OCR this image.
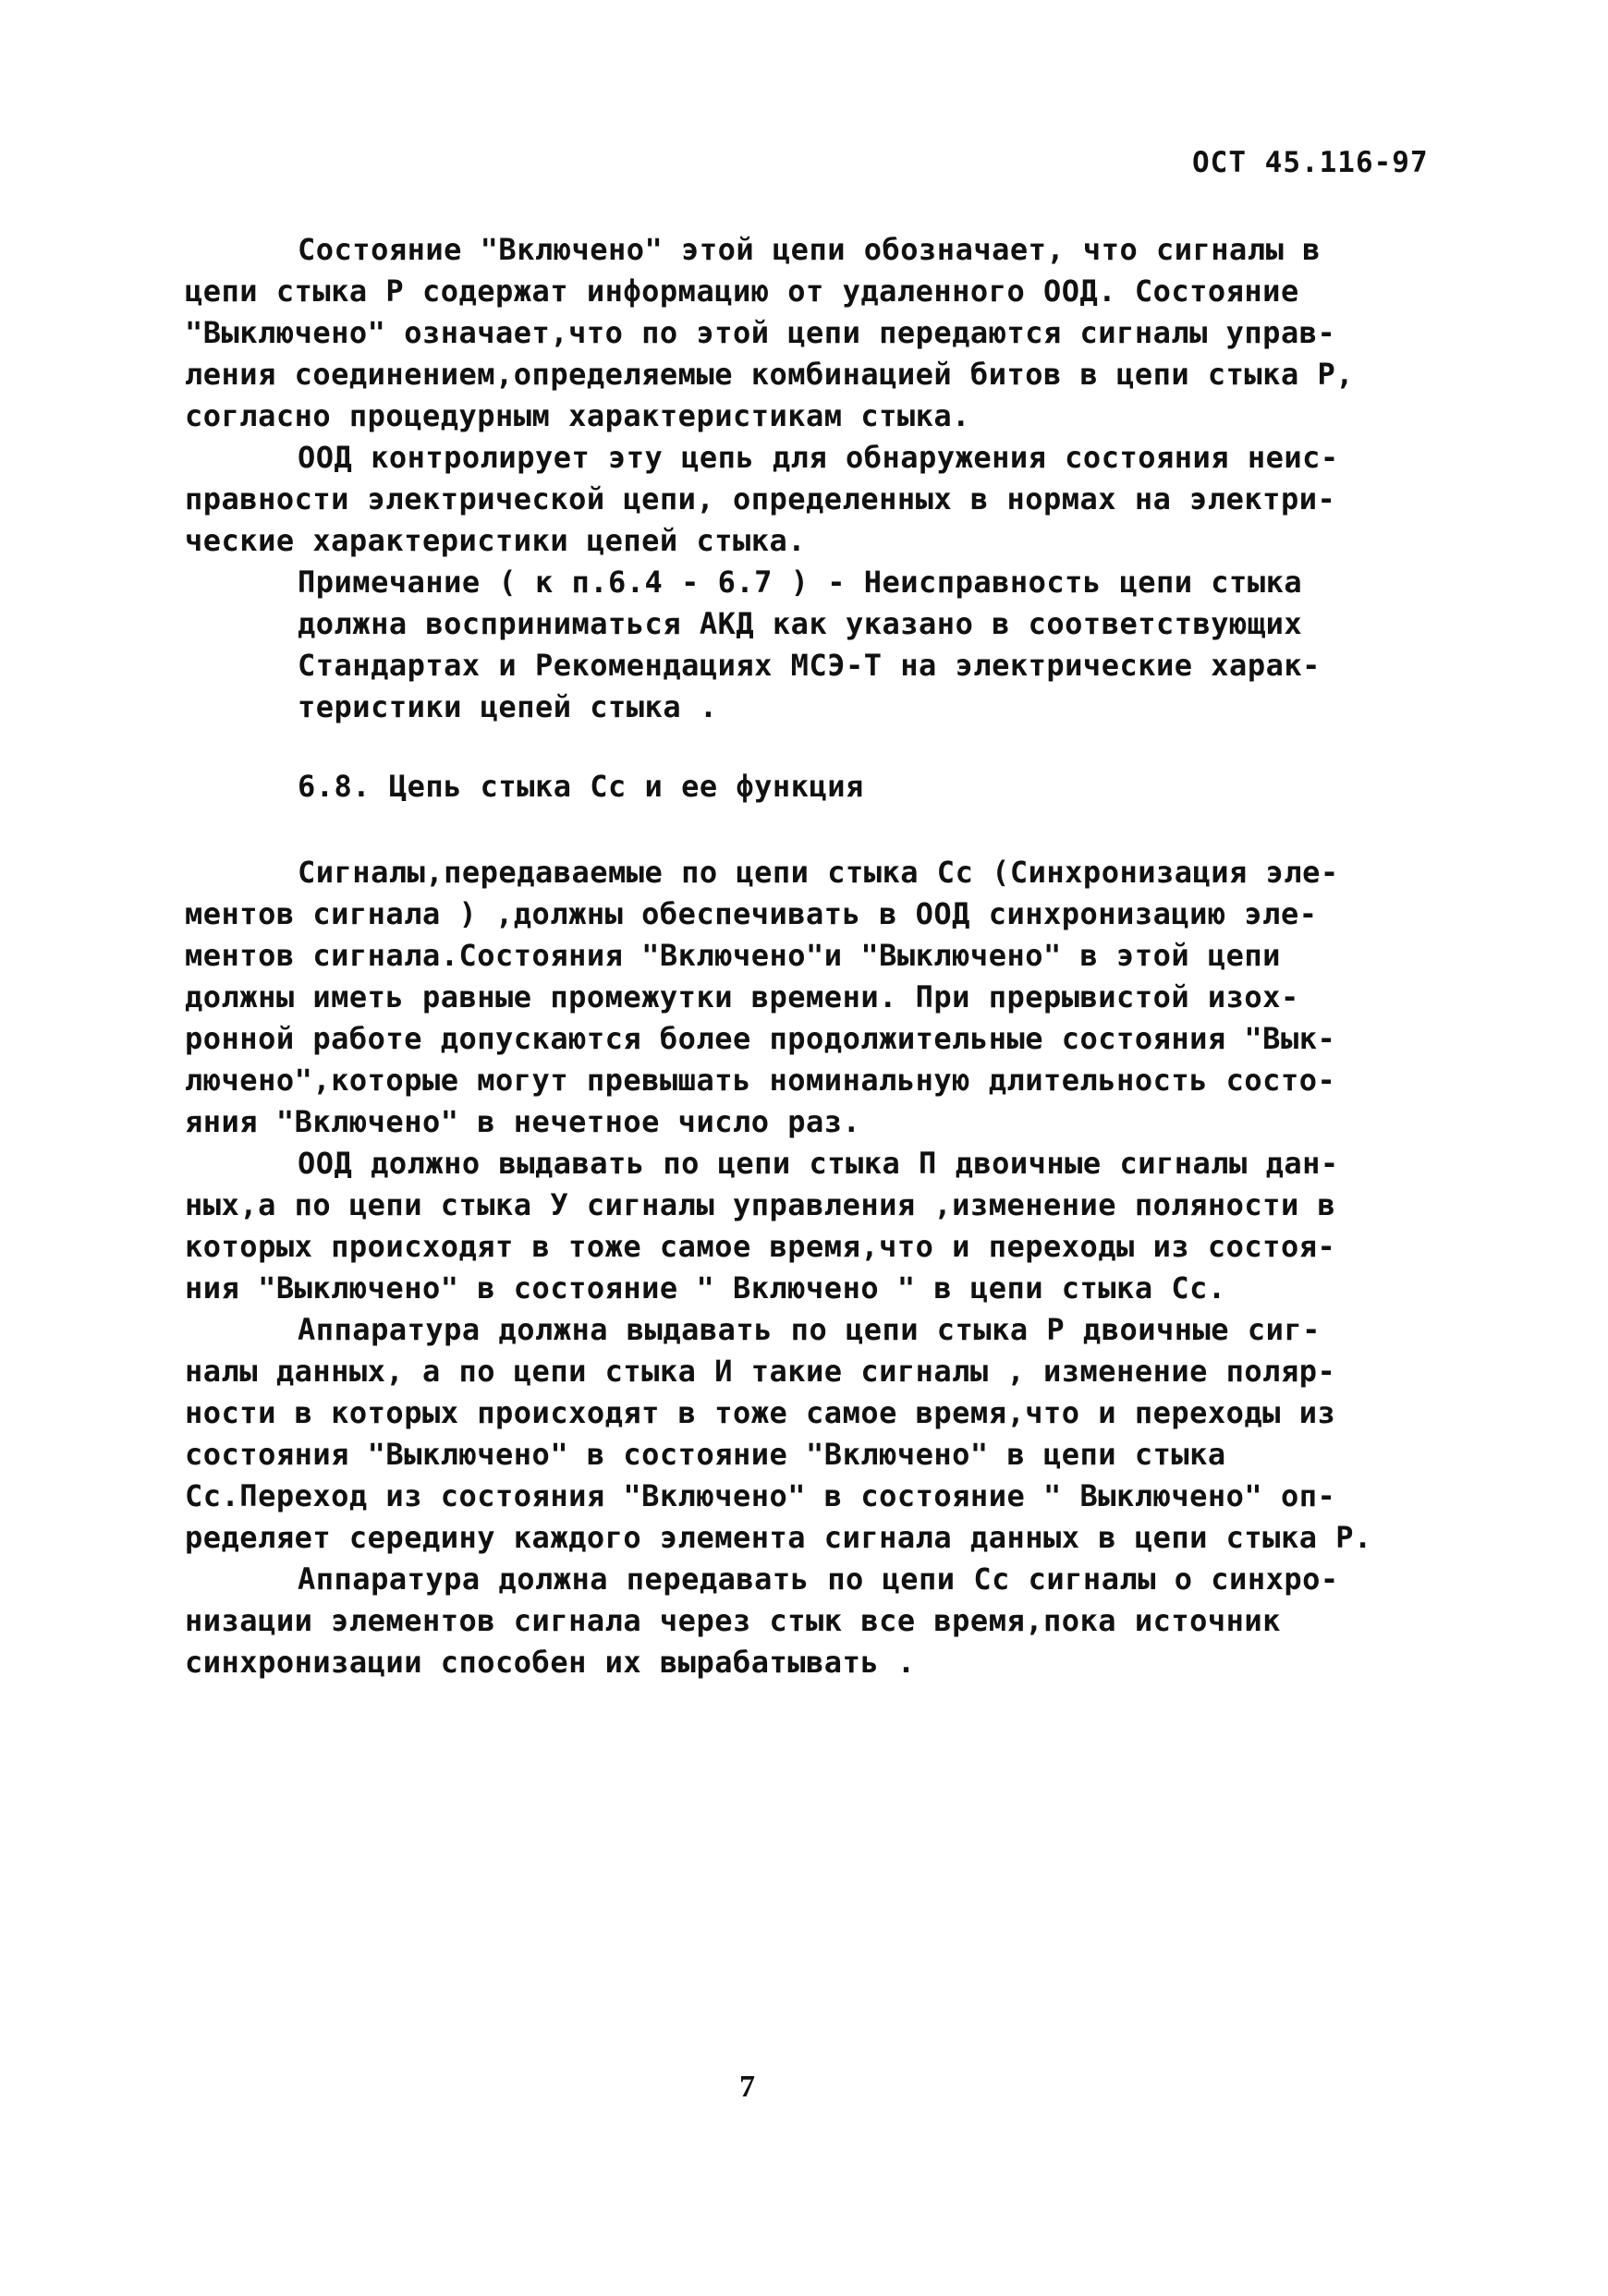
ОСТ 45.116-97
Состояние "Включено" этой цепи обозначает, что сигналы в
цепи стыка Р содержат информацию от удаленного ООД. Состояние
"Выключено" означает,что по этой цепи передаются сигналы управ-
ления соединением,определяемые комбинацией битов в цепи стыка Р,
согласно процедурным характеристикам стыка.
ООД контролирует эту цепь для обнаружения состояния неис-
правности электрической цепи, определенных в нормах на электри-
ческие характеристики цепей стыка.
Примечание ( к п.6.4 - 6.7 ) - Неисправность цепи стыка
должна восприниматься АКД как указано в соответствующих
Стандартах и Рекомендациях МСЭ-Т на электрические харак-
теристики цепей стыка .
6.8. Цепь стыка Сс и ее функция
Сигналы,передаваемые по цепи стыка Сс (Синхронизация эле-
ментов сигнала ) ,должны обеспечивать в ООД синхронизацию эле-
ментов сигнала.Состояния "Включено"и "Выключено" в этой цепи
должны иметь равные промежутки времени. При прерывистой изох-
ронной работе допускаются более продолжительные состояния "Вык-
лючено",которые могут превышать номинальную длительность состо-
яния "Включено" в нечетное число раз.
ООД должно выдавать по цепи стыка П двоичные сигналы дан-
ных,а по цепи стыка У сигналы управления ,изменение поляности в
которых происходят в тоже самое время,что и переходы из состоя-
ния "Выключено" в состояние " Включено " в цепи стыка Сс.
Аппаратура должна выдавать по цепи стыка Р двоичные сиг-
налы данных, а по цепи стыка И такие сигналы , изменение поляр-
ности в которых происходят в тоже самое время,что и переходы из
состояния "Выключено" в состояние "Включено" в цепи стыка
Сс.Переход из состояния "Включено" в состояние " Выключено" оп-
ределяет середину каждого элемента сигнала данных в цепи стыка Р.
Аппаратура должна передавать по цепи Сс сигналы о синхро-
низации элементов сигнала через стык все время,пока источник
синхронизации способен их вырабатывать .
7
